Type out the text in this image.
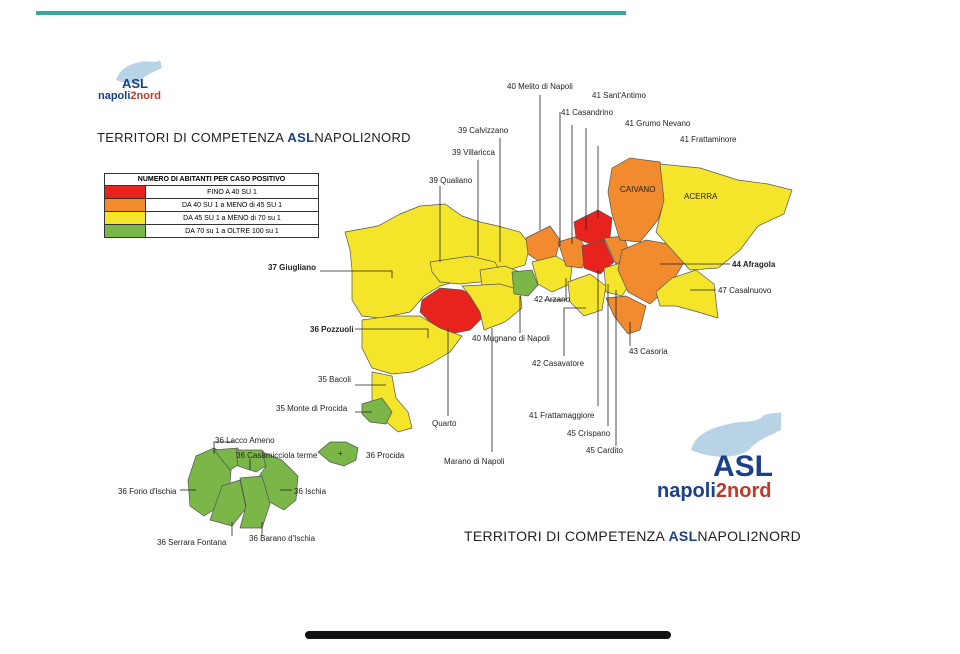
ASL
napoli2nord
TERRITORI DI COMPETENZA ASLNAPOLI2NORD
NUMERO DI ABITANTI PER CASO POSITIVO
FINO A 40 SU 1
DA 40 SU 1 a MENO di 45 SU 1
DA 45 SU 1 a MENO di 70 su 1
DA 70 su 1 a OLTRE 100 su 1
+
40 Melito di Napoli
41 Sant'Antimo
41 Casandrino
41 Grumo Nevano
41 Frattaminore
39 Calvizzano
39 Villaricca
39 Qualiano
CAIVANO
ACERRA
37 Giugliano	44 Afragola
47 Casalnuovo
42 Arzano
36 Pozzuoli
40 Mugnano di Napoli
43 Casoria
42 Casavatore
35 Bacoli
35 Monte di Procida
41 Frattamaggiore
Quarto
45 Crispano
45 Cardito
36 Lacco Ameno
36 Casamicciola terme	36 Procida
36 Forio d'Ischia	36 Ischia
Marano di Napoli
36 Serrara Fontana	36 Barano d'Ischia
ASL
napoli2nord
TERRITORI DI COMPETENZA ASLNAPOLI2NORD
